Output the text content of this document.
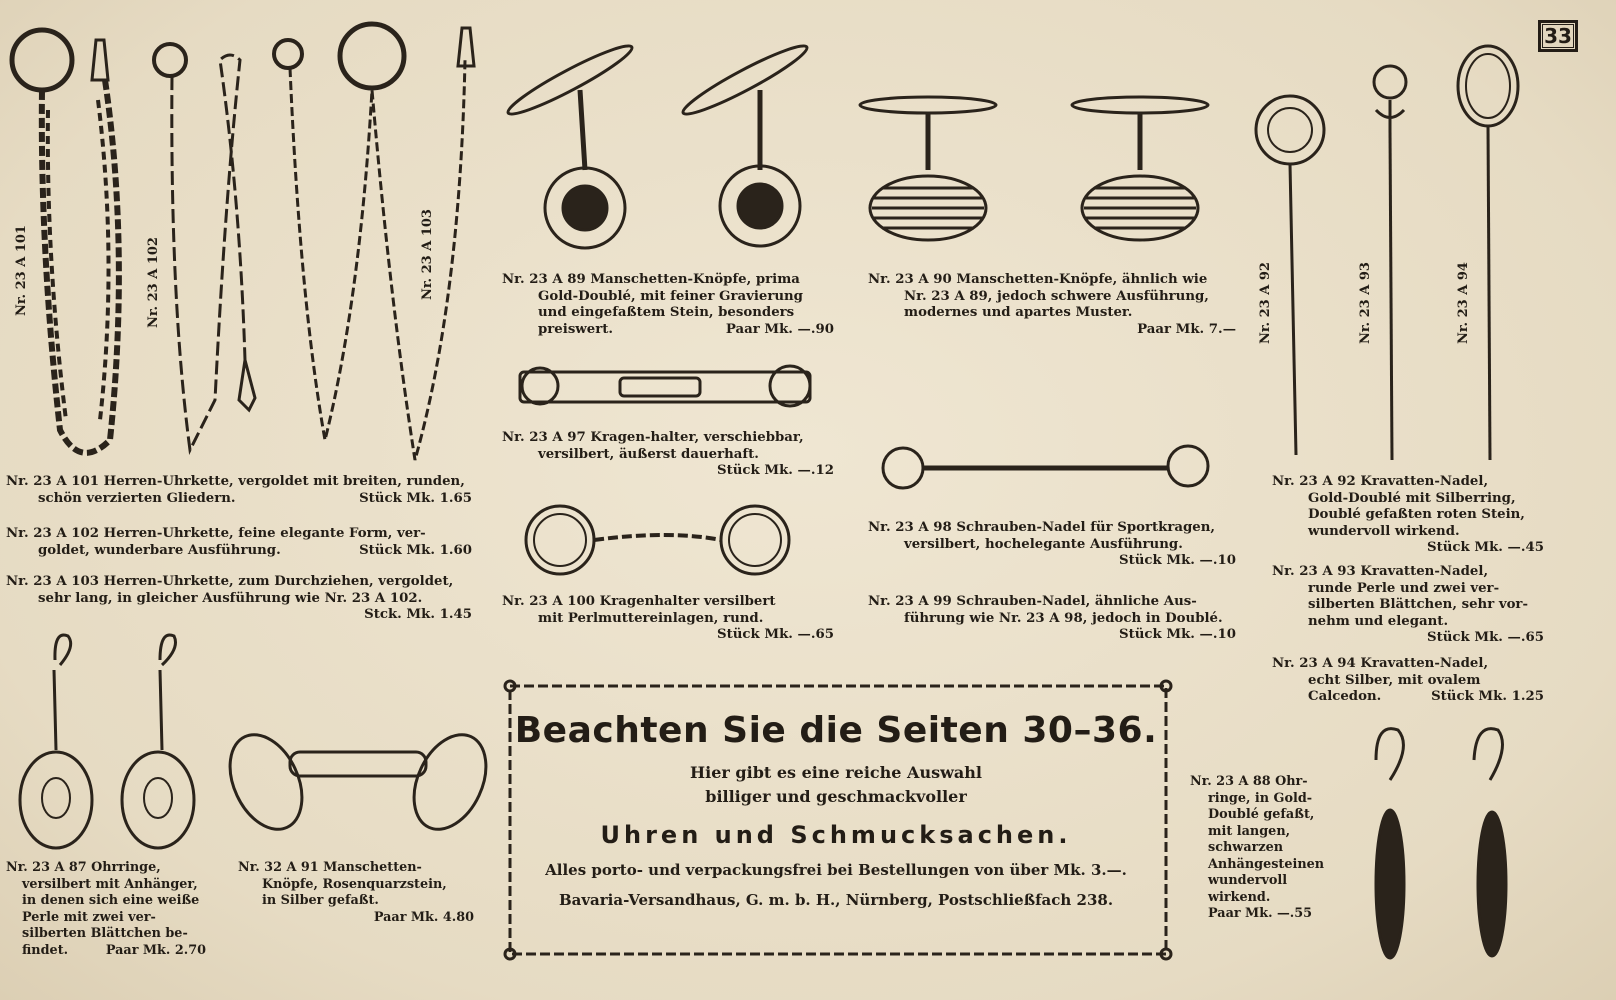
33
Nr. 23 A 101	Nr. 23 A 102	Nr. 23 A 103
Nr. 23 A 92	Nr. 23 A 93	Nr. 23 A 94
Nr. 23 A 101 Herren-Uhrkette, vergoldet mit breiten, runden,
Stück Mk. 1.65
schön verzierten Gliedern.
Nr. 23 A 102 Herren-Uhrkette, feine elegante Form, ver-
Stück Mk. 1.60
goldet, wunderbare Ausführung.
Nr. 23 A 103 Herren-Uhrkette, zum Durchziehen, vergoldet,
sehr lang, in gleicher Ausführung wie Nr. 23 A 102.
Stck. Mk. 1.45
Nr. 23 A 87 Ohrringe,
versilbert mit Anhänger,
in denen sich eine weiße
Perle mit zwei ver-
silberten Blättchen be-
Paar Mk. 2.70
findet.
Nr. 32 A 91 Manschetten-
Knöpfe, Rosenquarzstein,
in Silber gefaßt.
Paar Mk. 4.80
Nr. 23 A 89 Manschetten-Knöpfe, prima
Gold-Doublé, mit feiner Gravierung
und eingefaßtem Stein, besonders
Paar Mk. —.90
preiswert.
Nr. 23 A 97 Kragen-halter, verschiebbar,
versilbert, äußerst dauerhaft.
Stück Mk. —.12
Nr. 23 A 100 Kragenhalter versilbert
mit Perlmuttereinlagen, rund.
Stück Mk. —.65
Nr. 23 A 90 Manschetten-Knöpfe, ähnlich wie
Nr. 23 A 89, jedoch schwere Ausführung,
modernes und apartes Muster.
Paar Mk. 7.—
Nr. 23 A 98 Schrauben-Nadel für Sportkragen,
versilbert, hochelegante Ausführung.
Stück Mk. —.10
Nr. 23 A 99 Schrauben-Nadel, ähnliche Aus-
führung wie Nr. 23 A 98, jedoch in Doublé.
Stück Mk. —.10
Nr. 23 A 92 Kravatten-Nadel,
Gold-Doublé mit Silberring,
Doublé gefaßten roten Stein,
wundervoll wirkend.
Stück Mk. —.45
Nr. 23 A 93 Kravatten-Nadel,
runde Perle und zwei ver-
silberten Blättchen, sehr vor-
nehm und elegant.
Stück Mk. —.65
Nr. 23 A 94 Kravatten-Nadel,
echt Silber, mit ovalem
Stück Mk. 1.25
Calcedon.
Nr. 23 A 88 Ohr-
ringe, in Gold-
Doublé gefaßt,
mit langen,
schwarzen
Anhängesteinen
wundervoll
wirkend.
Paar Mk. —.55
Beachten Sie die Seiten 30–36.
Hier gibt es eine reiche Auswahl
billiger und geschmackvoller
Uhren und Schmucksachen.
Alles porto- und verpackungsfrei bei Bestellungen von über Mk. 3.—.
Bavaria-Versandhaus, G. m. b. H., Nürnberg, Postschließfach 238.
